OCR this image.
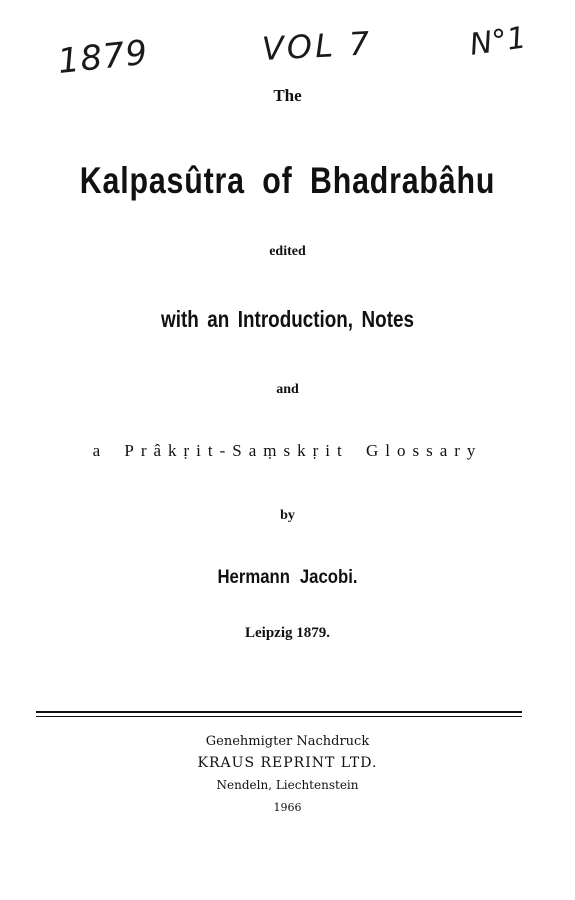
1879	VOL 7	N°1
The
Kalpasûtra of Bhadrabâhu
edited
with an Introduction, Notes
and
a Prâkṛit-Saṃskṛit Glossary
by
Hermann Jacobi.
Leipzig 1879.
Genehmigter Nachdruck
KRAUS REPRINT LTD.
Nendeln, Liechtenstein
1966
